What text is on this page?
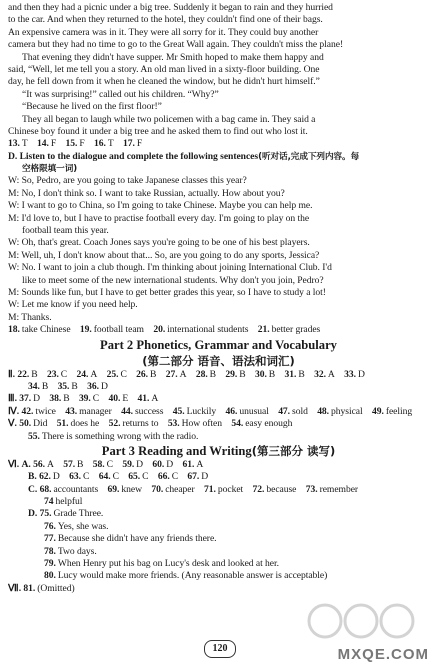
and then they had a picnic under a big tree. Suddenly it began to rain and they hurried
to the car. And when they returned to the hotel, they couldn't find one of their bags.
An expensive camera was in it. They were all sorry for it. They could buy another
camera but they had no time to go to the Great Wall again. They couldn't miss the plane!
That evening they didn't have supper. Mr Smith hoped to make them happy and
said, “Well, let me tell you a story. An old man lived in a sixty-floor building. One
day, he fell down from it when he cleaned the window, but he didn't hurt himself.”
“It was surprising!” called out his children. “Why?”
“Because he lived on the first floor!”
They all began to laugh while two policemen with a bag came in. They said a
Chinese boy found it under a big tree and he asked them to find out who lost it.
13. T 14. F 15. F 16. T 17. F
D. Listen to the dialogue and complete the following sentences(听对话,完成下列内容。每
空格限填一词)
W: So, Pedro, are you going to take Japanese classes this year?
M: No, I don't think so. I want to take Russian, actually. How about you?
W: I want to go to China, so I'm going to take Chinese. Maybe you can help me.
M: I'd love to, but I have to practise football every day. I'm going to play on the
football team this year.
W: Oh, that's great. Coach Jones says you're going to be one of his best players.
M: Well, uh, I don't know about that... So, are you going to do any sports, Jessica?
W: No. I want to join a club though. I'm thinking about joining International Club. I'd
like to meet some of the new international students. Why don't you join, Pedro?
M: Sounds like fun, but I have to get better grades this year, so I have to study a lot!
W: Let me know if you need help.
M: Thanks.
18. take Chinese 19. football team 20. international students 21. better grades
Part 2 Phonetics, Grammar and Vocabulary
(第二部分 语音、语法和词汇)
Ⅱ. 22. B 23. C 24. A 25. C 26. B 27. A 28. B 29. B 30. B 31. B 32. A 33. D
34. B 35. B 36. D
Ⅲ. 37. D 38. B 39. C 40. E 41. A
Ⅳ. 42. twice 43. manager 44. success 45. Luckily 46. unusual 47. sold 48. physical 49. feeling
Ⅴ. 50. Did 51. does he 52. returns to 53. How often 54. easy enough
55. There is something wrong with the radio.
Part 3 Reading and Writing(第三部分 读写)
Ⅵ. A. 56. A 57. B 58. C 59. D 60. D 61. A
B. 62. D 63. C 64. C 65. C 66. C 67. D
C. 68. accountants 69. knew 70. cheaper 71. pocket 72. because 73. remember
74 helpful
D. 75. Grade Three.
76. Yes, she was.
77. Because she didn't have any friends there.
78. Two days.
79. When Henry put his bag on Lucy's desk and looked at her.
80. Lucy would make more friends. (Any reasonable answer is acceptable)
Ⅶ. 81. (Omitted)
120	MXQE.COM
